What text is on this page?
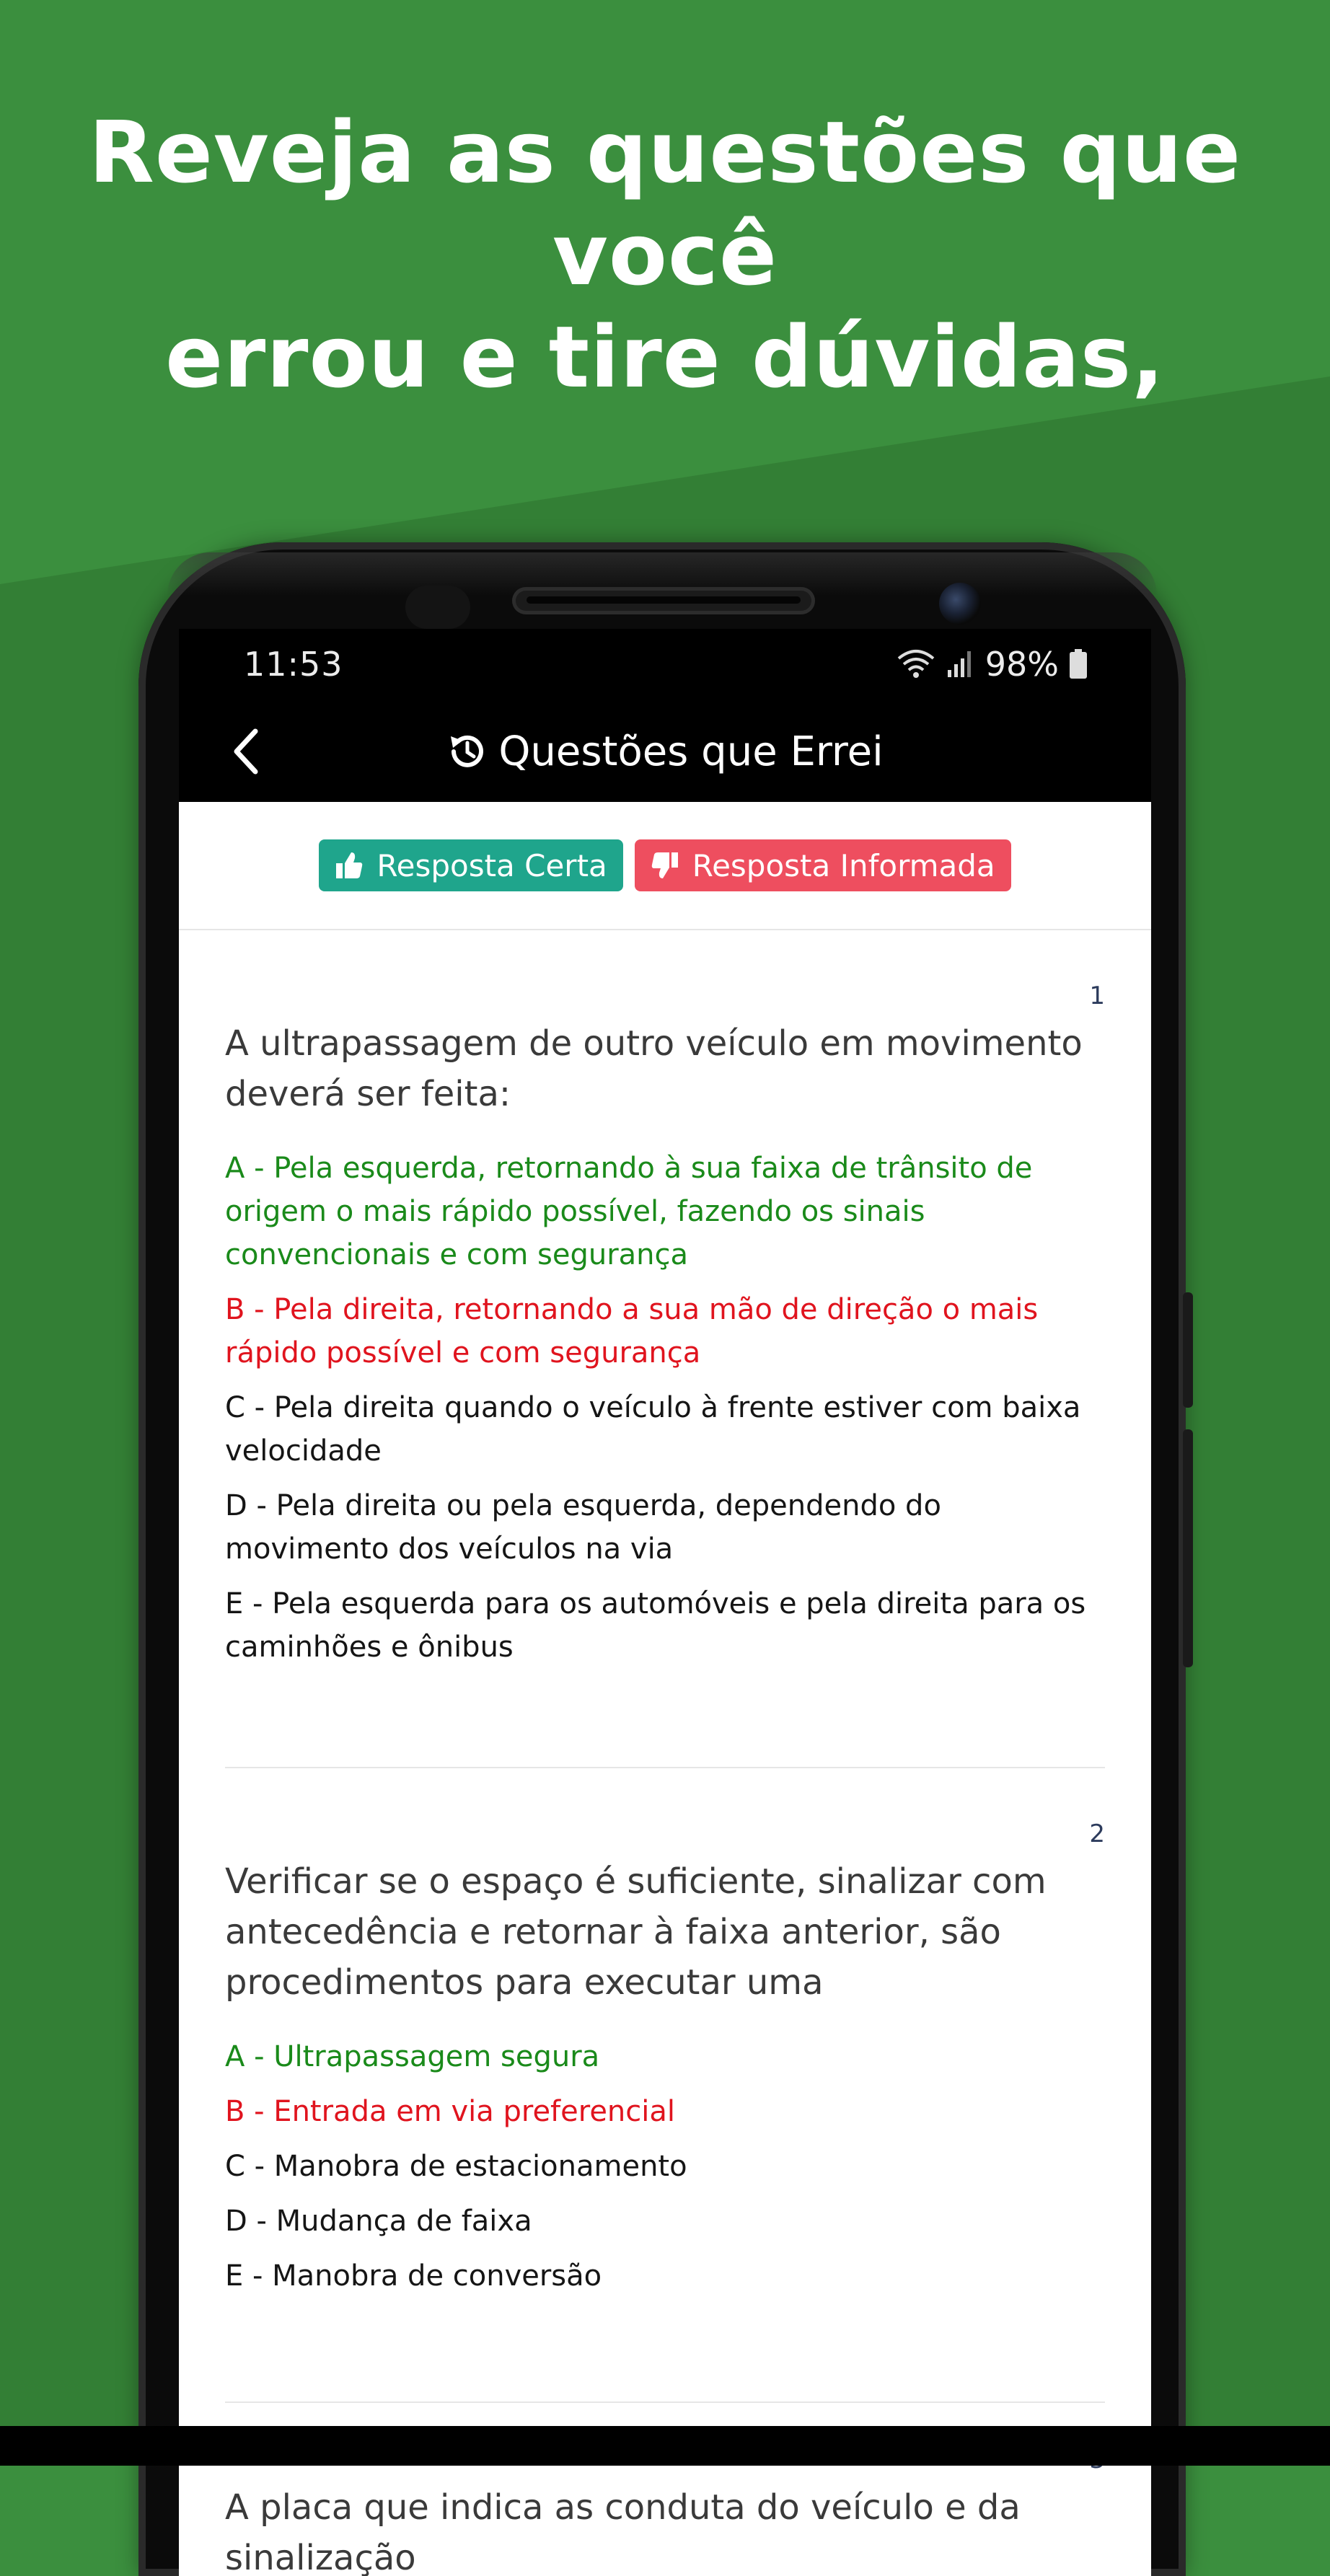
Reveja as questões que você
errou e tire dúvidas,
11:53	98%
Questões que Errei
Resposta Certa	Resposta Informada
1
A ultrapassagem de outro veículo em movimento deverá ser feita:
A - Pela esquerda, retornando à sua faixa de trânsito de origem o mais rápido possível, fazendo os sinais convencionais e com segurança
B - Pela direita, retornando a sua mão de direção o mais rápido possível e com segurança
C - Pela direita quando o veículo à frente estiver com baixa velocidade
D - Pela direita ou pela esquerda, dependendo do movimento dos veículos na via
E - Pela esquerda para os automóveis e pela direita para os caminhões e ônibus
2
Verificar se o espaço é suficiente, sinalizar com antecedência e retornar à faixa anterior, são procedimentos para executar uma
A - Ultrapassagem segura
B - Entrada em via preferencial
C - Manobra de estacionamento
D - Mudança de faixa
E - Manobra de conversão
A placa que indica as conduta do veículo e da sinalização
